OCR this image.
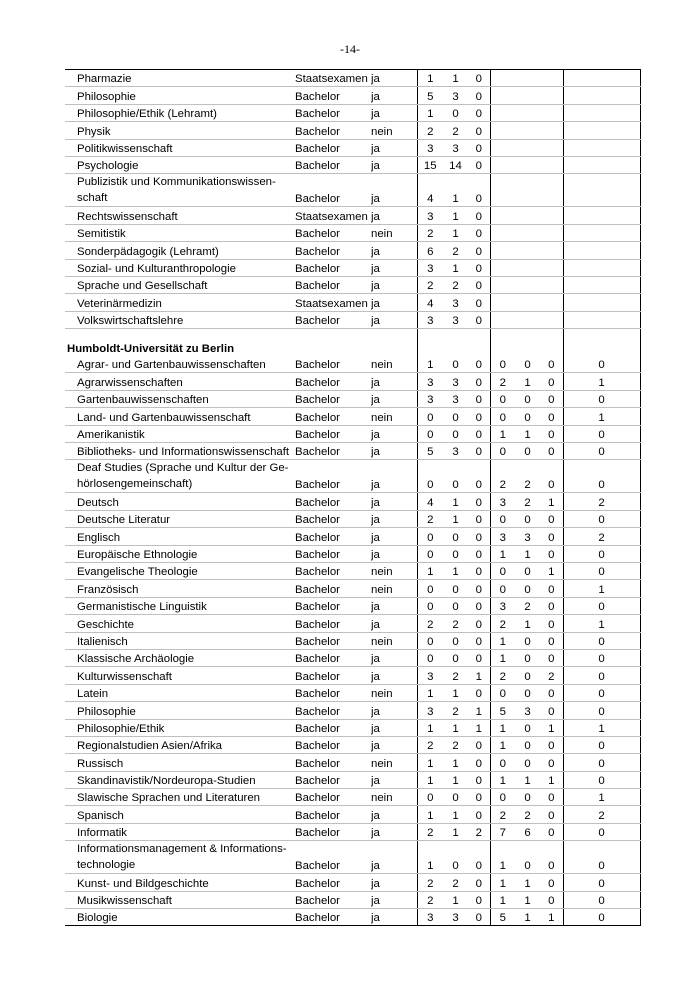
-14-
Pharmazie	Staatsexamen	ja	1	1	0				
Philosophie	Bachelor	ja	5	3	0				
Philosophie/Ethik (Lehramt)	Bachelor	ja	1	0	0				
Physik	Bachelor	nein	2	2	0				
Politikwissenschaft	Bachelor	ja	3	3	0				
Psychologie	Bachelor	ja	15	14	0				
Publizistik und Kommunikationswissen-schaft	Bachelor	ja	4	1	0				
Rechtswissenschaft	Staatsexamen	ja	3	1	0				
Semitistik	Bachelor	nein	2	1	0				
Sonderpädagogik (Lehramt)	Bachelor	ja	6	2	0				
Sozial- und Kulturanthropologie	Bachelor	ja	3	1	0				
Sprache und Gesellschaft	Bachelor	ja	2	2	0				
Veterinärmedizin	Staatsexamen	ja	4	3	0				
Volkswirtschaftslehre	Bachelor	ja	3	3	0				
Humboldt-Universität zu Berlin									
Agrar- und Gartenbauwissenschaften	Bachelor	nein	1	0	0	0	0	0	0
Agrarwissenschaften	Bachelor	ja	3	3	0	2	1	0	1
Gartenbauwissenschaften	Bachelor	ja	3	3	0	0	0	0	0
Land- und Gartenbauwissenschaft	Bachelor	nein	0	0	0	0	0	0	1
Amerikanistik	Bachelor	ja	0	0	0	1	1	0	0
Bibliotheks- und Informationswissenschaft	Bachelor	ja	5	3	0	0	0	0	0
Deaf Studies (Sprache und Kultur der Ge-hörlosengemeinschaft)	Bachelor	ja	0	0	0	2	2	0	0
Deutsch	Bachelor	ja	4	1	0	3	2	1	2
Deutsche Literatur	Bachelor	ja	2	1	0	0	0	0	0
Englisch	Bachelor	ja	0	0	0	3	3	0	2
Europäische Ethnologie	Bachelor	ja	0	0	0	1	1	0	0
Evangelische Theologie	Bachelor	nein	1	1	0	0	0	1	0
Französisch	Bachelor	nein	0	0	0	0	0	0	1
Germanistische Linguistik	Bachelor	ja	0	0	0	3	2	0	0
Geschichte	Bachelor	ja	2	2	0	2	1	0	1
Italienisch	Bachelor	nein	0	0	0	1	0	0	0
Klassische Archäologie	Bachelor	ja	0	0	0	1	0	0	0
Kulturwissenschaft	Bachelor	ja	3	2	1	2	0	2	0
Latein	Bachelor	nein	1	1	0	0	0	0	0
Philosophie	Bachelor	ja	3	2	1	5	3	0	0
Philosophie/Ethik	Bachelor	ja	1	1	1	1	0	1	1
Regionalstudien Asien/Afrika	Bachelor	ja	2	2	0	1	0	0	0
Russisch	Bachelor	nein	1	1	0	0	0	0	0
Skandinavistik/Nordeuropa-Studien	Bachelor	ja	1	1	0	1	1	1	0
Slawische Sprachen und Literaturen	Bachelor	nein	0	0	0	0	0	0	1
Spanisch	Bachelor	ja	1	1	0	2	2	0	2
Informatik	Bachelor	ja	2	1	2	7	6	0	0
Informationsmanagement & Informations-technologie	Bachelor	ja	1	0	0	1	0	0	0
Kunst- und Bildgeschichte	Bachelor	ja	2	2	0	1	1	0	0
Musikwissenschaft	Bachelor	ja	2	1	0	1	1	0	0
Biologie	Bachelor	ja	3	3	0	5	1	1	0
